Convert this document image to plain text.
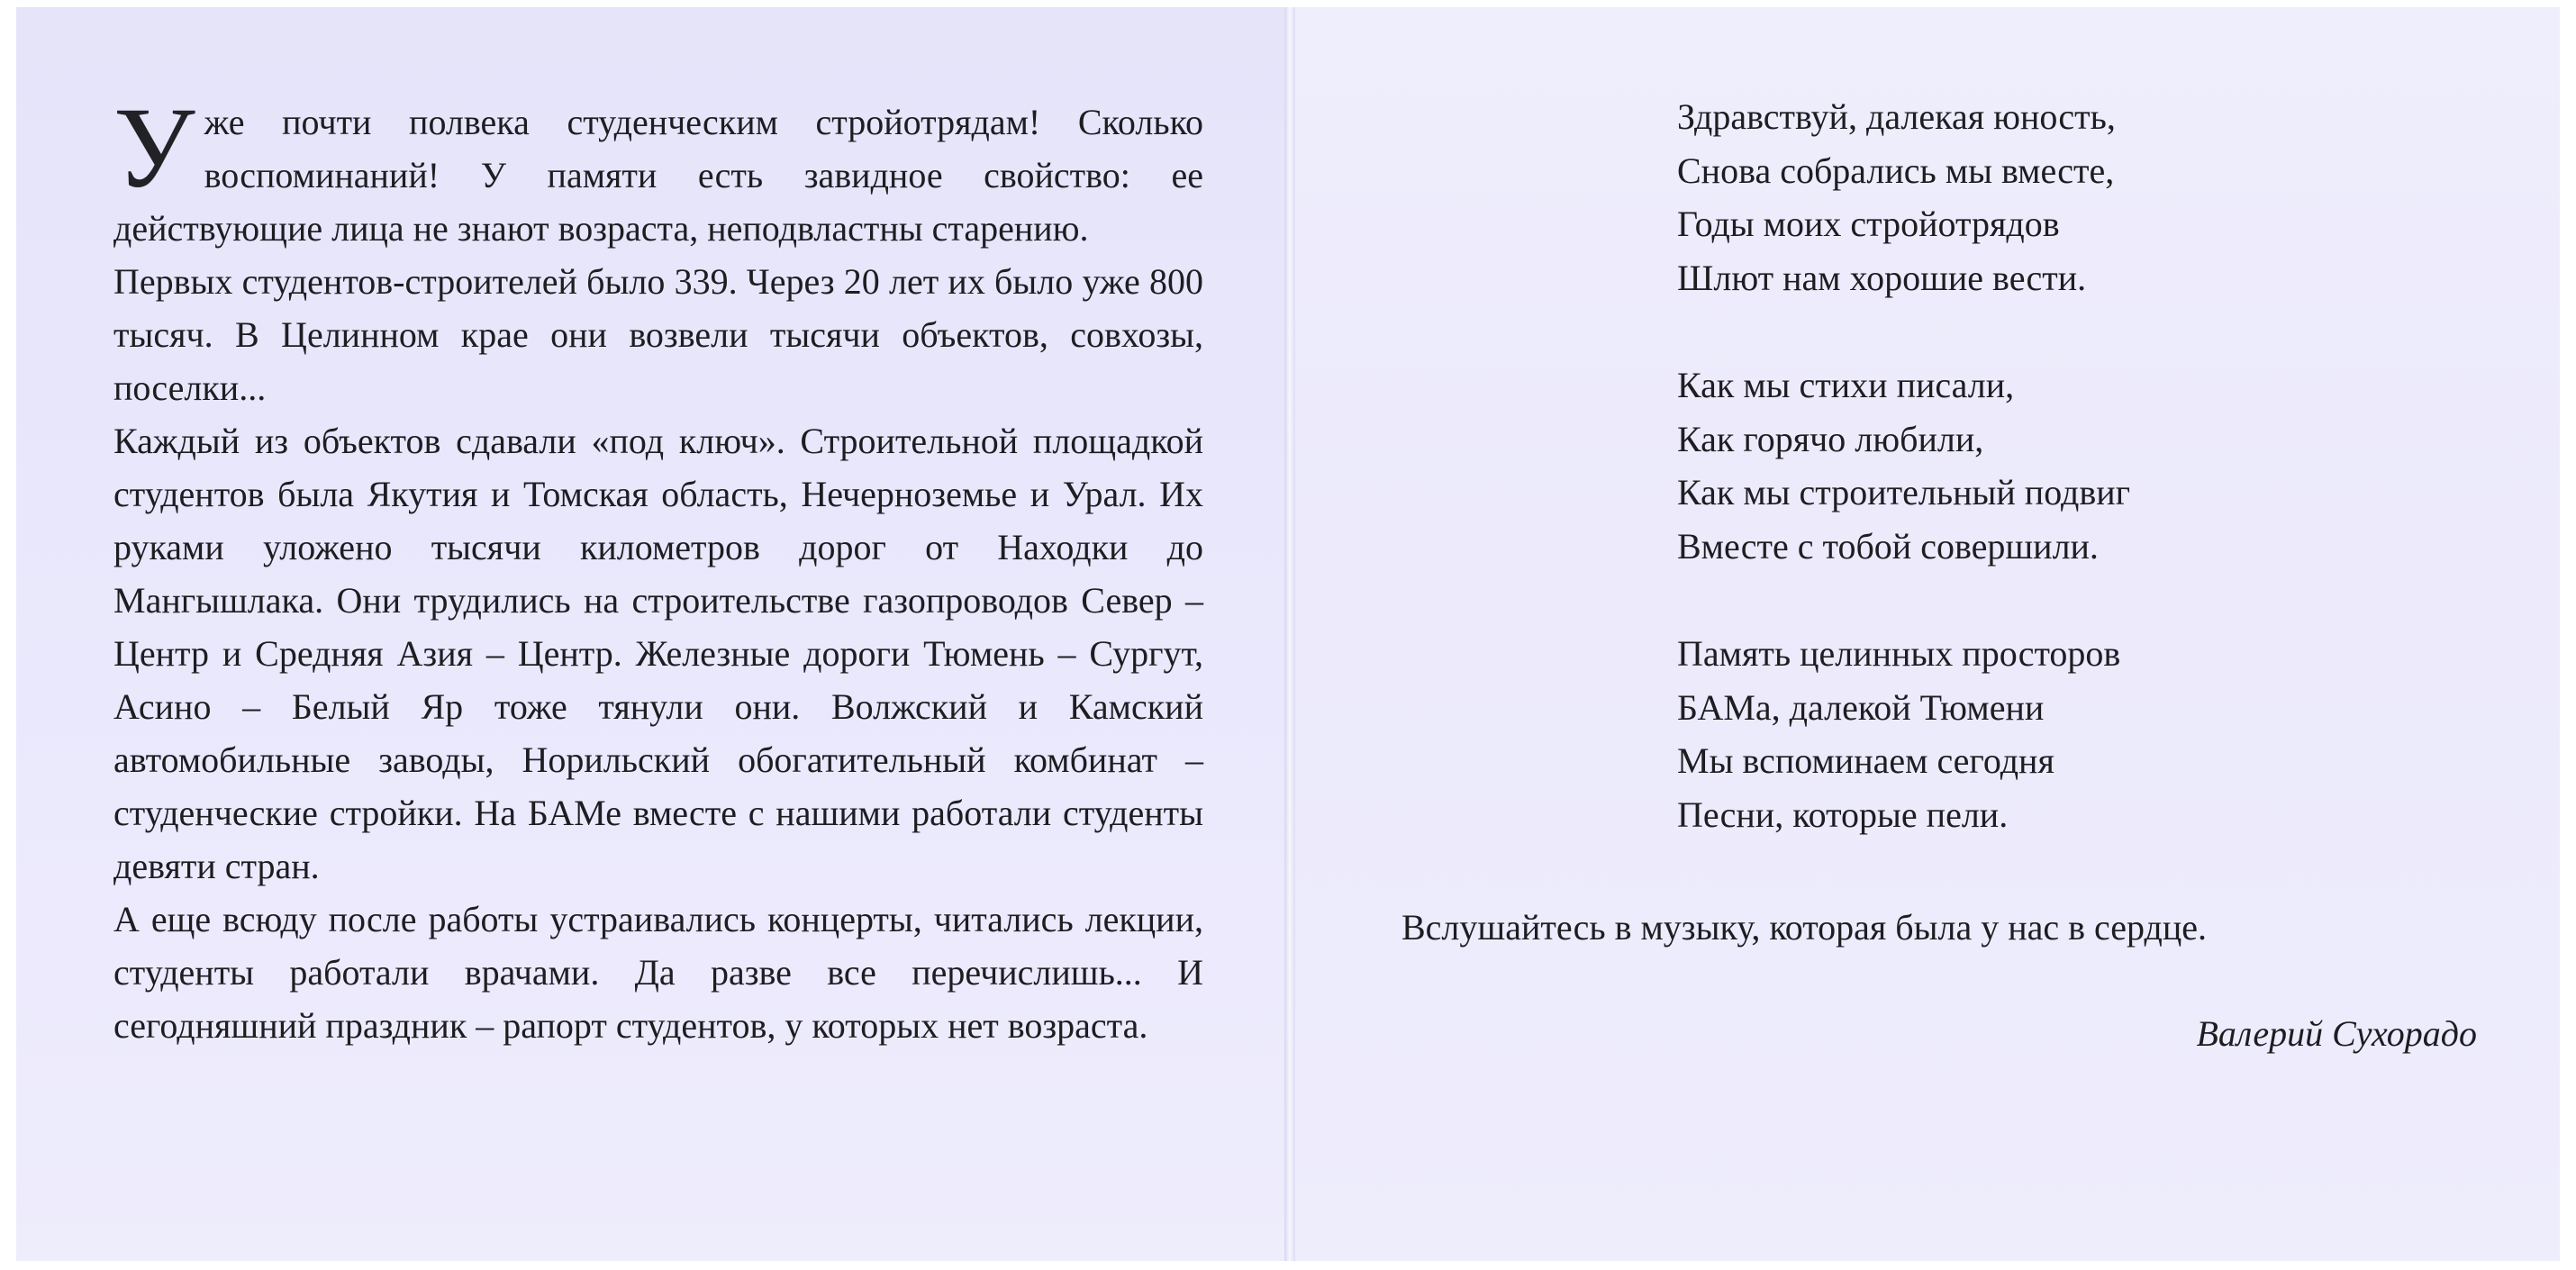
Уже почти полвека студенческим стройотрядам! Сколько воспоминаний! У памяти есть завидное свойство: ее действующие лица не знают возраста, неподвластны старению.

Первых студентов-строителей было 339. Через 20 лет их было уже 800 тысяч. В Целинном крае они возвели тысячи объектов, совхозы, поселки...

Каждый из объектов сдавали «под ключ». Строительной площадкой студентов была Якутия и Томская область, Нечерноземье и Урал. Их руками уложено тысячи километров дорог от Находки до Мангышлака. Они трудились на строительстве газопроводов Север – Центр и Средняя Азия – Центр. Железные дороги Тюмень – Сургут, Асино – Белый Яр тоже тянули они. Волжский и Камский автомобильные заводы, Норильский обогатительный комбинат – студенческие стройки. На БАМе вместе с нашими работали студенты девяти стран.

А еще всюду после работы устраивались концерты, читались лекции, студенты работали врачами. Да разве все перечислишь... И сегодняшний праздник – рапорт студентов, у которых нет возраста.

Здравствуй, далекая юность,
Снова собрались мы вместе,
Годы моих стройотрядов
Шлют нам хорошие вести.
Как мы стихи писали,
Как горячо любили,
Как мы строительный подвиг
Вместе с тобой совершили.
Память целинных просторов
БАМа, далекой Тюмени
Мы вспоминаем сегодня
Песни, которые пели.
Вслушайтесь в музыку, которая была у нас в сердце.
Валерий Сухорадо
